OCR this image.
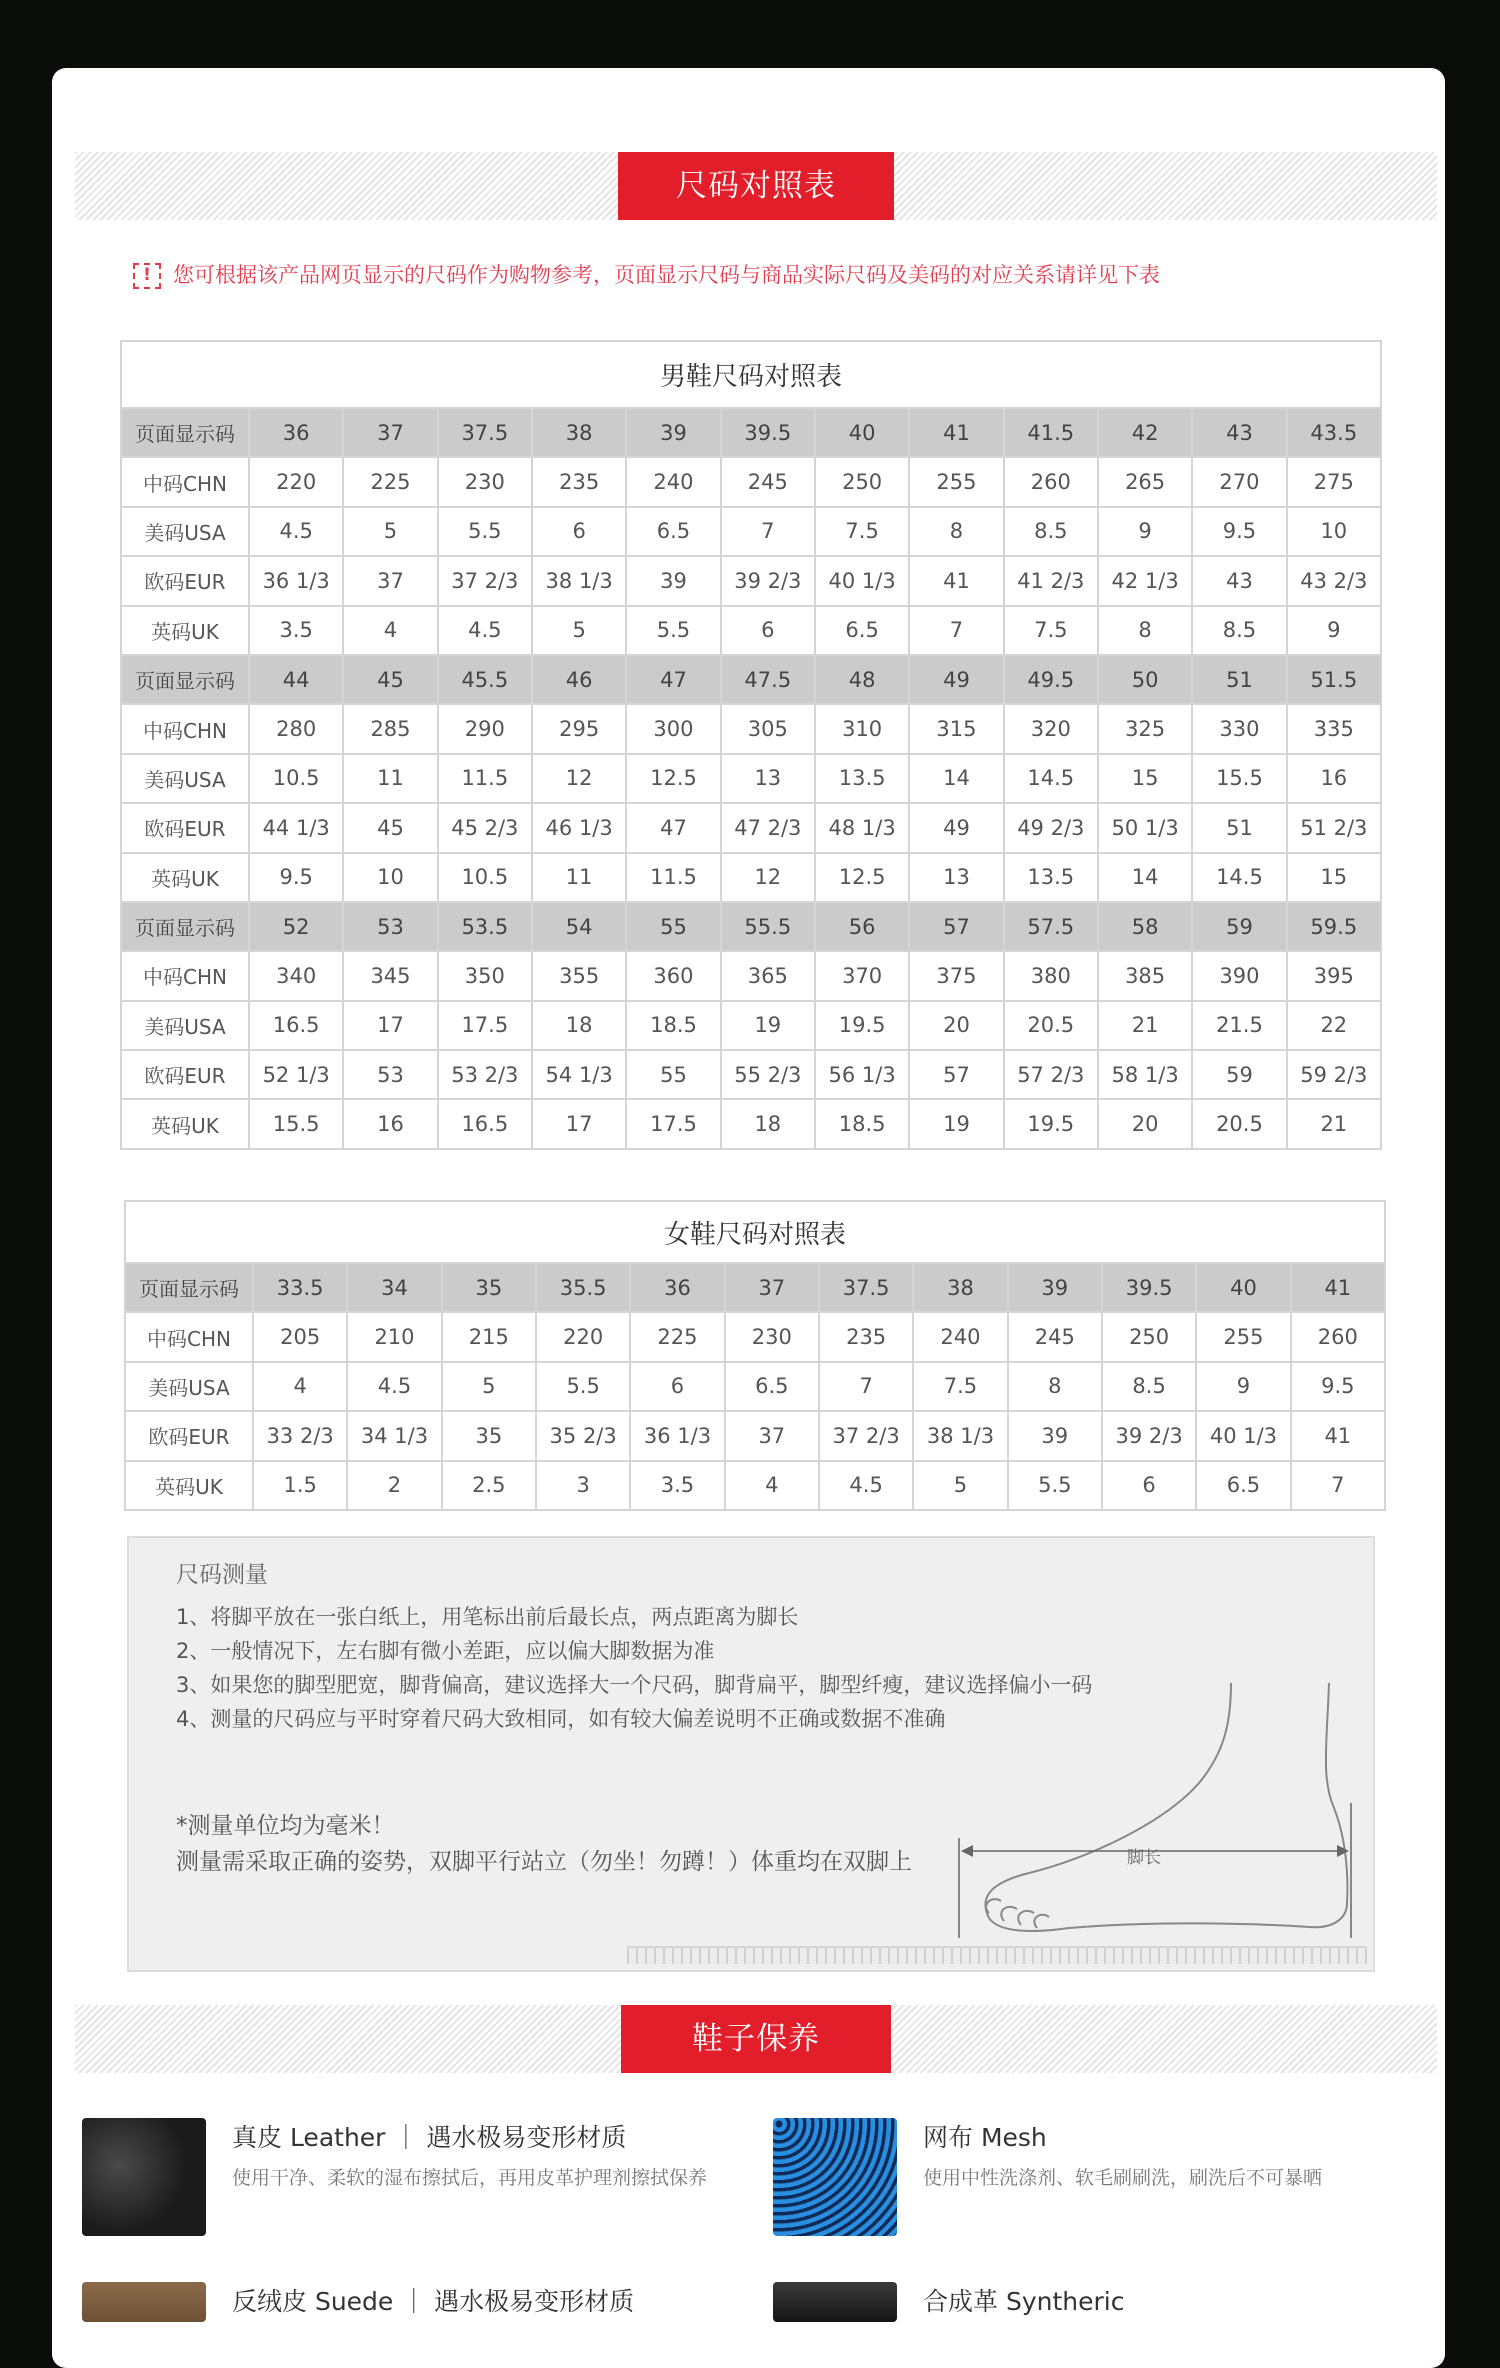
尺码对照表
! 您可根据该产品网页显示的尺码作为购物参考，页面显示尺码与商品实际尺码及美码的对应关系请详见下表
男鞋尺码对照表												
页面显示码	36	37	37.5	38	39	39.5	40	41	41.5	42	43	43.5
中码CHN	220	225	230	235	240	245	250	255	260	265	270	275
美码USA	4.5	5	5.5	6	6.5	7	7.5	8	8.5	9	9.5	10
欧码EUR	36 1/3	37	37 2/3	38 1/3	39	39 2/3	40 1/3	41	41 2/3	42 1/3	43	43 2/3
英码UK	3.5	4	4.5	5	5.5	6	6.5	7	7.5	8	8.5	9
页面显示码	44	45	45.5	46	47	47.5	48	49	49.5	50	51	51.5
中码CHN	280	285	290	295	300	305	310	315	320	325	330	335
美码USA	10.5	11	11.5	12	12.5	13	13.5	14	14.5	15	15.5	16
欧码EUR	44 1/3	45	45 2/3	46 1/3	47	47 2/3	48 1/3	49	49 2/3	50 1/3	51	51 2/3
英码UK	9.5	10	10.5	11	11.5	12	12.5	13	13.5	14	14.5	15
页面显示码	52	53	53.5	54	55	55.5	56	57	57.5	58	59	59.5
中码CHN	340	345	350	355	360	365	370	375	380	385	390	395
美码USA	16.5	17	17.5	18	18.5	19	19.5	20	20.5	21	21.5	22
欧码EUR	52 1/3	53	53 2/3	54 1/3	55	55 2/3	56 1/3	57	57 2/3	58 1/3	59	59 2/3
英码UK	15.5	16	16.5	17	17.5	18	18.5	19	19.5	20	20.5	21
女鞋尺码对照表												
页面显示码	33.5	34	35	35.5	36	37	37.5	38	39	39.5	40	41
中码CHN	205	210	215	220	225	230	235	240	245	250	255	260
美码USA	4	4.5	5	5.5	6	6.5	7	7.5	8	8.5	9	9.5
欧码EUR	33 2/3	34 1/3	35	35 2/3	36 1/3	37	37 2/3	38 1/3	39	39 2/3	40 1/3	41
英码UK	1.5	2	2.5	3	3.5	4	4.5	5	5.5	6	6.5	7
尺码测量
1、将脚平放在一张白纸上，用笔标出前后最长点，两点距离为脚长
2、一般情况下，左右脚有微小差距，应以偏大脚数据为准
3、如果您的脚型肥宽，脚背偏高，建议选择大一个尺码，脚背扁平，脚型纤瘦，建议选择偏小一码
4、测量的尺码应与平时穿着尺码大致相同，如有较大偏差说明不正确或数据不准确
*测量单位均为毫米！
测量需采取正确的姿势，双脚平行站立（勿坐！勿蹲！）体重均在双脚上	脚长
鞋子保养
真皮 Leather ｜ 遇水极易变形材质
使用干净、柔软的湿布擦拭后，再用皮革护理剂擦拭保养
网布 Mesh
使用中性洗涤剂、软毛刷刷洗，刷洗后不可暴晒
反绒皮 Suede ｜ 遇水极易变形材质	合成革 Syntheric
